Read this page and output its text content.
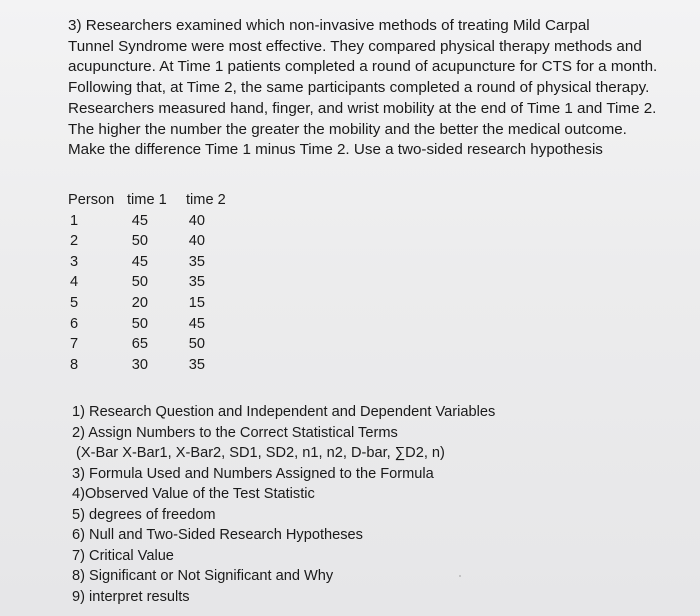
3) Researchers examined which non-invasive methods of treating Mild Carpal
Tunnel Syndrome were most effective. They compared physical therapy methods and
acupuncture. At Time 1 patients completed a round of acupuncture for CTS for a month.
Following that, at Time 2, the same participants completed a round of physical therapy.
Researchers measured hand, finger, and wrist mobility at the end of Time 1 and Time 2.
The higher the number the greater the mobility and the better the medical outcome.
Make the difference Time 1 minus Time 2. Use a two-sided research hypothesis
Person time 1 time 2
1	45	40
2	50	40
3	45	35
4	50	35
5	20	15
6	50	45
7	65	50
8	30	35
1) Research Question and Independent and Dependent Variables
2) Assign Numbers to the Correct Statistical Terms
(X-Bar X-Bar1, X-Bar2, SD1, SD2, n1, n2, D-bar, ∑D2, n)
3) Formula Used and Numbers Assigned to the Formula
4)Observed Value of the Test Statistic
5) degrees of freedom
6) Null and Two-Sided Research Hypotheses
7) Critical Value
8) Significant or Not Significant and Why
9) interpret results
